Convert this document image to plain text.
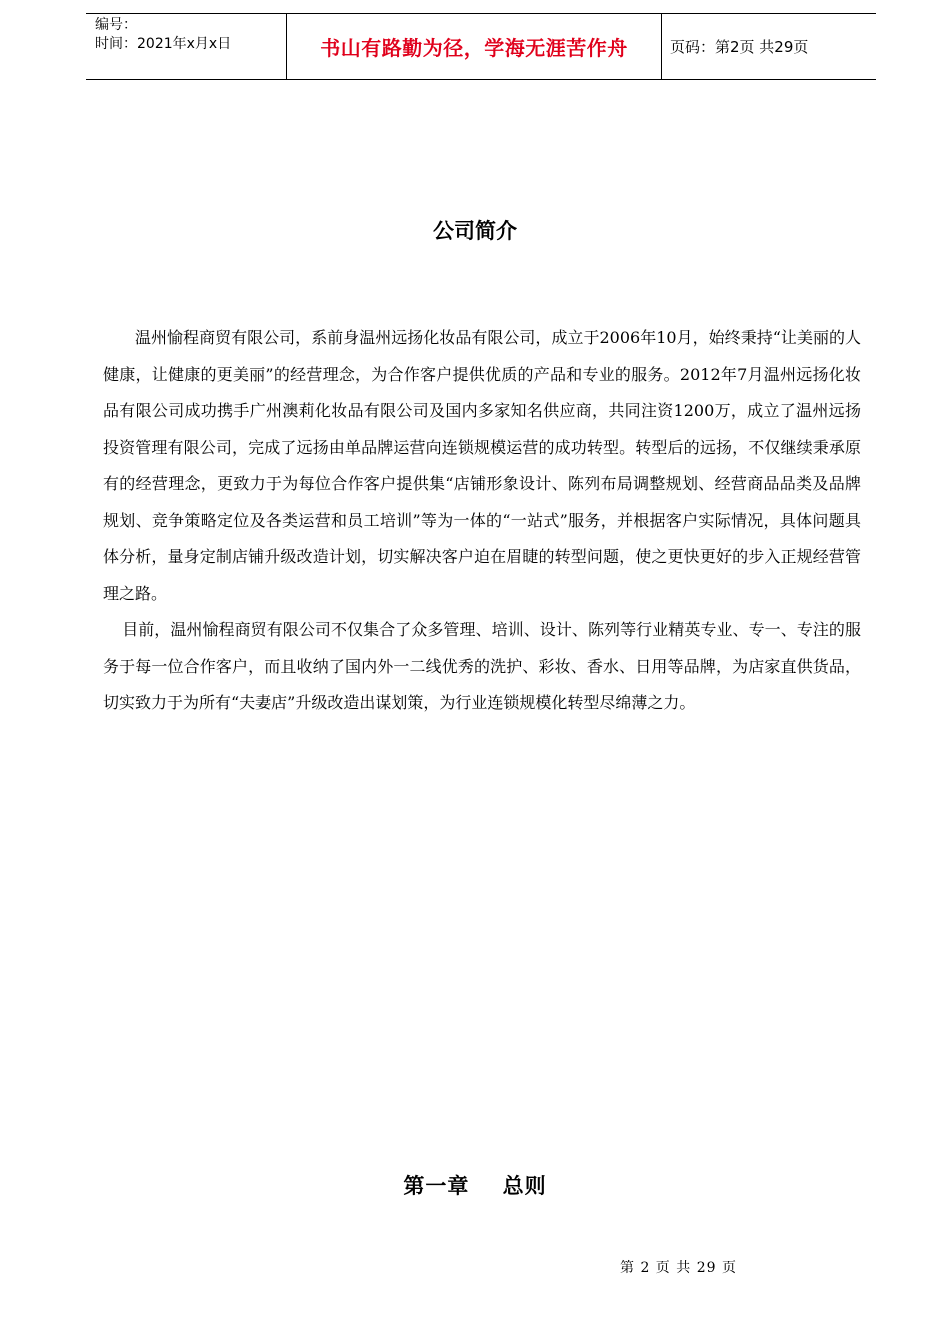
编号：
时间：2021年x月x日	书山有路勤为径，学海无涯苦作舟	页码：第2页 共29页
公司简介

温州愉程商贸有限公司，系前身温州远扬化妆品有限公司，成立于2006年10月，始终秉持“让美丽的人健康，让健康的更美丽”的经营理念，为合作客户提供优质的产品和专业的服务。2012年7月温州远扬化妆品有限公司成功携手广州澳莉化妆品有限公司及国内多家知名供应商，共同注资1200万，成立了温州远扬投资管理有限公司，完成了远扬由单品牌运营向连锁规模运营的成功转型。转型后的远扬，不仅继续秉承原有的经营理念，更致力于为每位合作客户提供集“店铺形象设计、陈列布局调整规划、经营商品品类及品牌规划、竞争策略定位及各类运营和员工培训”等为一体的“一站式”服务，并根据客户实际情况，具体问题具体分析，量身定制店铺升级改造计划，切实解决客户迫在眉睫的转型问题，使之更快更好的步入正规经营管理之路。

目前，温州愉程商贸有限公司不仅集合了众多管理、培训、设计、陈列等行业精英专业、专一、专注的服务于每一位合作客户，而且收纳了国内外一二线优秀的洗护、彩妆、香水、日用等品牌，为店家直供货品，切实致力于为所有“夫妻店”升级改造出谋划策，为行业连锁规模化转型尽绵薄之力。

第一章    总则
第 2 页 共 29 页
